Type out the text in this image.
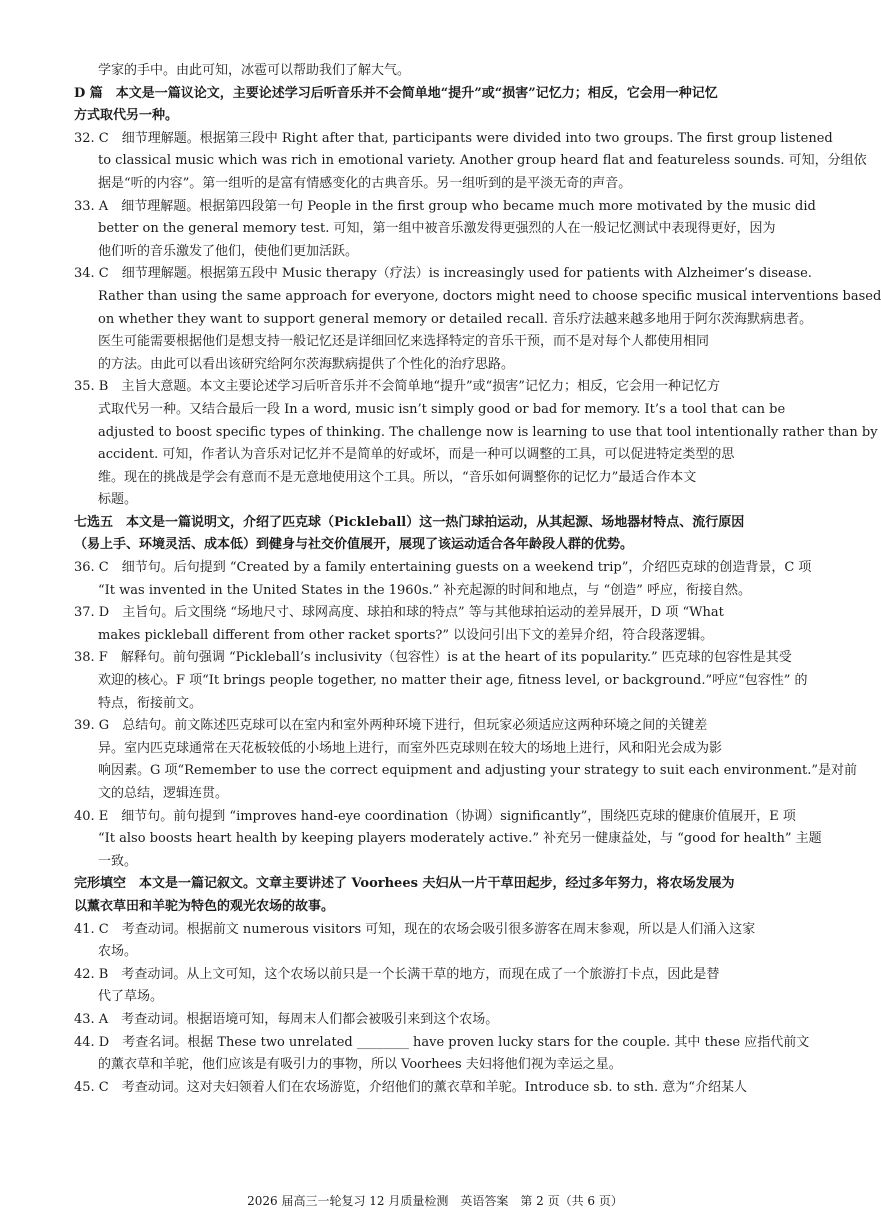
学家的手中。由此可知，冰雹可以帮助我们了解大气。
D 篇　本文是一篇议论文，主要论述学习后听音乐并不会简单地“提升”或“损害”记忆力；相反，它会用一种记忆
方式取代另一种。
32. C　细节理解题。根据第三段中 Right after that, participants were divided into two groups. The first group listened
to classical music which was rich in emotional variety. Another group heard flat and featureless sounds. 可知，分组依
据是“听的内容”。第一组听的是富有情感变化的古典音乐。另一组听到的是平淡无奇的声音。
33. A　细节理解题。根据第四段第一句 People in the first group who became much more motivated by the music did
better on the general memory test. 可知，第一组中被音乐激发得更强烈的人在一般记忆测试中表现得更好，因为
他们听的音乐激发了他们，使他们更加活跃。
34. C　细节理解题。根据第五段中 Music therapy（疗法）is increasingly used for patients with Alzheimer’s disease.
Rather than using the same approach for everyone, doctors might need to choose specific musical interventions based
on whether they want to support general memory or detailed recall. 音乐疗法越来越多地用于阿尔茨海默病患者。
医生可能需要根据他们是想支持一般记忆还是详细回忆来选择特定的音乐干预，而不是对每个人都使用相同
的方法。由此可以看出该研究给阿尔茨海默病提供了个性化的治疗思路。
35. B　主旨大意题。本文主要论述学习后听音乐并不会简单地“提升”或“损害”记忆力；相反，它会用一种记忆方
式取代另一种。又结合最后一段 In a word, music isn’t simply good or bad for memory. It’s a tool that can be
adjusted to boost specific types of thinking. The challenge now is learning to use that tool intentionally rather than by
accident. 可知，作者认为音乐对记忆并不是简单的好或坏，而是一种可以调整的工具，可以促进特定类型的思
维。现在的挑战是学会有意而不是无意地使用这个工具。所以，“音乐如何调整你的记忆力”最适合作本文
标题。
七选五　本文是一篇说明文，介绍了匹克球（Pickleball）这一热门球拍运动，从其起源、场地器材特点、流行原因
（易上手、环境灵活、成本低）到健身与社交价值展开，展现了该运动适合各年龄段人群的优势。
36. C　细节句。后句提到 “Created by a family entertaining guests on a weekend trip”，介绍匹克球的创造背景，C 项
“It was invented in the United States in the 1960s.” 补充起源的时间和地点，与 “创造” 呼应，衔接自然。
37. D　主旨句。后文围绕 “场地尺寸、球网高度、球拍和球的特点” 等与其他球拍运动的差异展开，D 项 “What
makes pickleball different from other racket sports?” 以设问引出下文的差异介绍，符合段落逻辑。
38. F　解释句。前句强调 “Pickleball’s inclusivity（包容性）is at the heart of its popularity.” 匹克球的包容性是其受
欢迎的核心。F 项“It brings people together, no matter their age, fitness level, or background.”呼应“包容性” 的
特点，衔接前文。
39. G　总结句。前文陈述匹克球可以在室内和室外两种环境下进行，但玩家必须适应这两种环境之间的关键差
异。室内匹克球通常在天花板较低的小场地上进行，而室外匹克球则在较大的场地上进行，风和阳光会成为影
响因素。G 项“Remember to use the correct equipment and adjusting your strategy to suit each environment.”是对前
文的总结，逻辑连贯。
40. E　细节句。前句提到 “improves hand-eye coordination（协调）significantly”，围绕匹克球的健康价值展开，E 项
“It also boosts heart health by keeping players moderately active.” 补充另一健康益处，与 “good for health” 主题
一致。
完形填空　本文是一篇记叙文。文章主要讲述了 Voorhees 夫妇从一片干草田起步，经过多年努力，将农场发展为
以薰衣草田和羊驼为特色的观光农场的故事。
41. C　考查动词。根据前文 numerous visitors 可知，现在的农场会吸引很多游客在周末参观，所以是人们涌入这家
农场。
42. B　考查动词。从上文可知，这个农场以前只是一个长满干草的地方，而现在成了一个旅游打卡点，因此是替
代了草场。
43. A　考查动词。根据语境可知，每周末人们都会被吸引来到这个农场。
44. D　考查名词。根据 These two unrelated ________ have proven lucky stars for the couple. 其中 these 应指代前文
的薰衣草和羊驼，他们应该是有吸引力的事物，所以 Voorhees 夫妇将他们视为幸运之星。
45. C　考查动词。这对夫妇领着人们在农场游览，介绍他们的薰衣草和羊驼。Introduce sb. to sth. 意为“介绍某人
2026 届高三一轮复习 12 月质量检测　英语答案　第 2 页（共 6 页）
